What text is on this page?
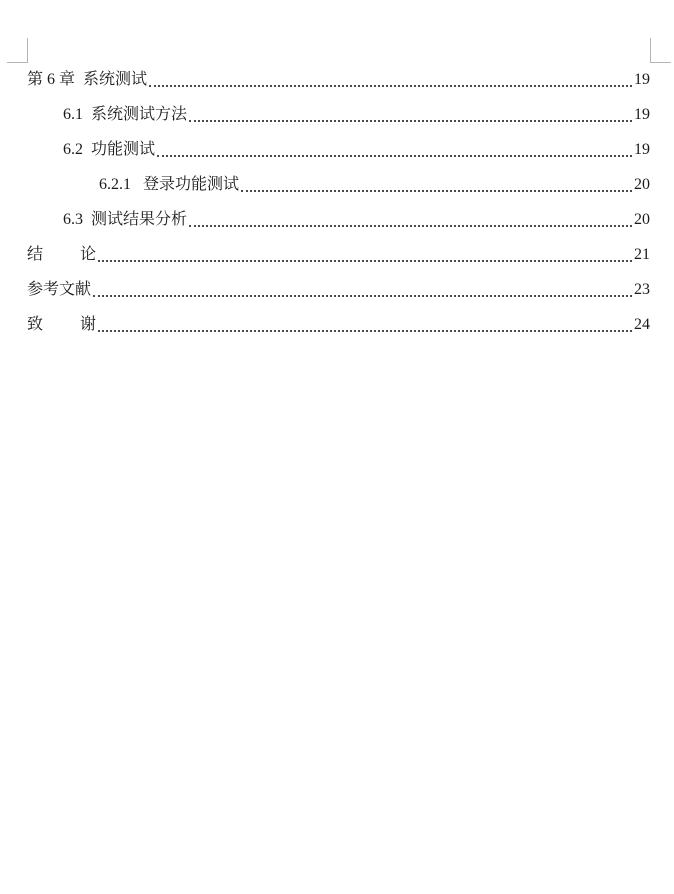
第 6 章 系统测试	19
6.1 系统测试方法	19
6.2 功能测试	19
6.2.1 登录功能测试	20
6.3 测试结果分析	20
结 论	21
参考文献	23
致 谢	24
